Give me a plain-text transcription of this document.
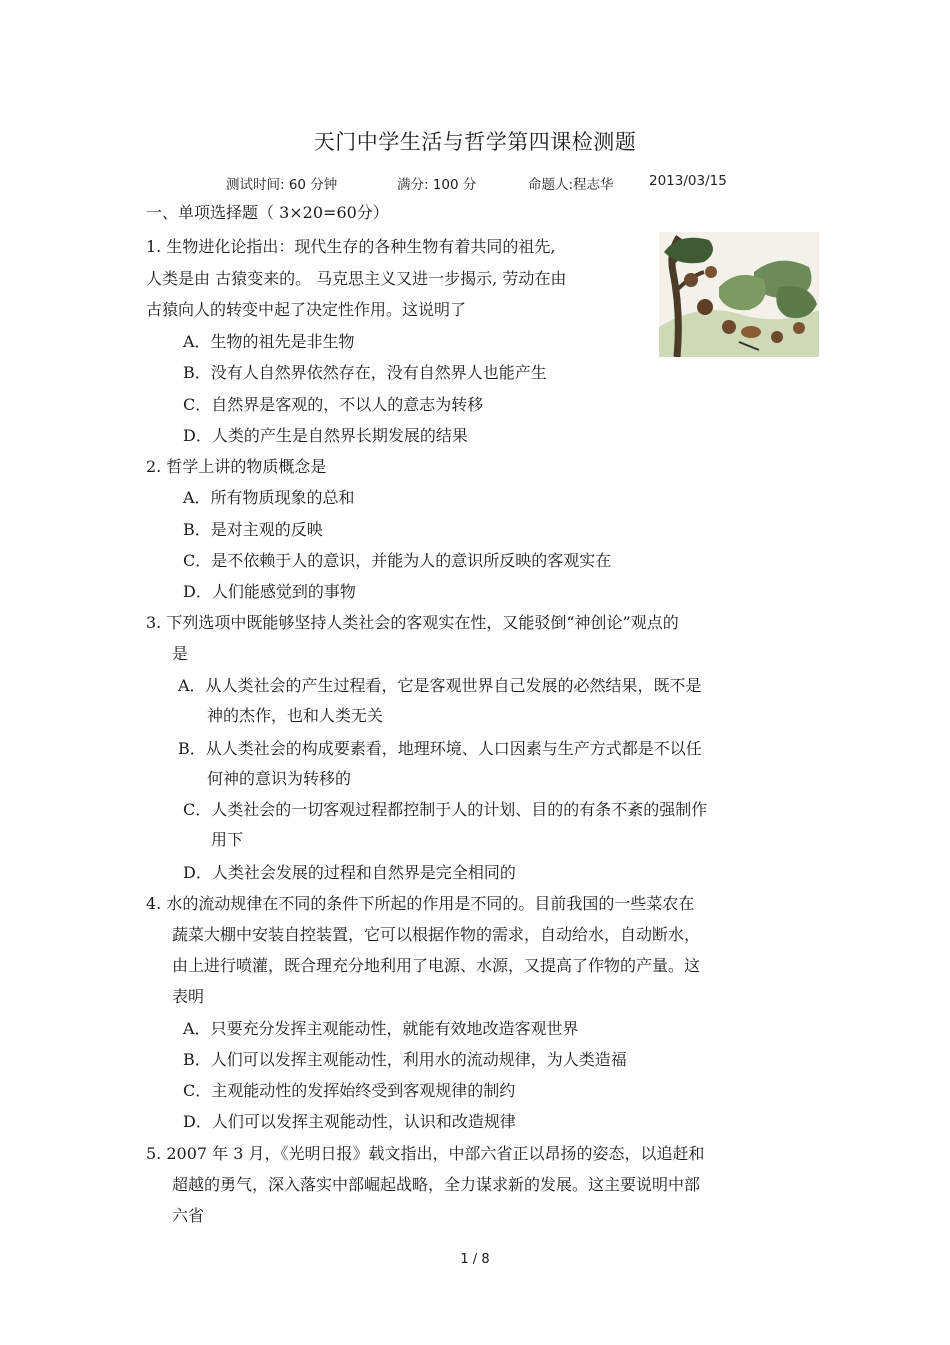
天门中学生活与哲学第四课检测题
测试时间: 60 分钟	满分: 100 分	命题人:程志华	2013/03/15
一、单项选择题（ 3×20=60分）
1. 生物进化论指出：现代生存的各种生物有着共同的祖先,
人类是由 古猿变来的。 马克思主义又进一步揭示, 劳动在由
古猿向人的转变中起了决定性作用。这说明了
A．生物的祖先是非生物
B．没有人自然界依然存在，没有自然界人也能产生
C．自然界是客观的，不以人的意志为转移
D．人类的产生是自然界长期发展的结果
2. 哲学上讲的物质概念是
A．所有物质现象的总和
B．是对主观的反映
C．是不依赖于人的意识，并能为人的意识所反映的客观实在
D．人们能感觉到的事物
3. 下列选项中既能够坚持人类社会的客观实在性，又能驳倒“神创论”观点的
是
A．从人类社会的产生过程看，它是客观世界自己发展的必然结果，既不是
神的杰作，也和人类无关
B．从人类社会的构成要素看，地理环境、人口因素与生产方式都是不以任
何神的意识为转移的
C．人类社会的一切客观过程都控制于人的计划、目的的有条不紊的强制作
用下
D．人类社会发展的过程和自然界是完全相同的
4. 水的流动规律在不同的条件下所起的作用是不同的。目前我国的一些菜农在
蔬菜大棚中安装自控装置，它可以根据作物的需求，自动给水，自动断水，
由上进行喷灌，既合理充分地利用了电源、水源，又提高了作物的产量。这
表明
A．只要充分发挥主观能动性，就能有效地改造客观世界
B．人们可以发挥主观能动性，利用水的流动规律，为人类造福
C．主观能动性的发挥始终受到客观规律的制约
D．人们可以发挥主观能动性，认识和改造规律
5. 2007 年 3 月，《光明日报》载文指出，中部六省正以昂扬的姿态，以追赶和
超越的勇气，深入落实中部崛起战略，全力谋求新的发展。这主要说明中部
六省
1 / 8
